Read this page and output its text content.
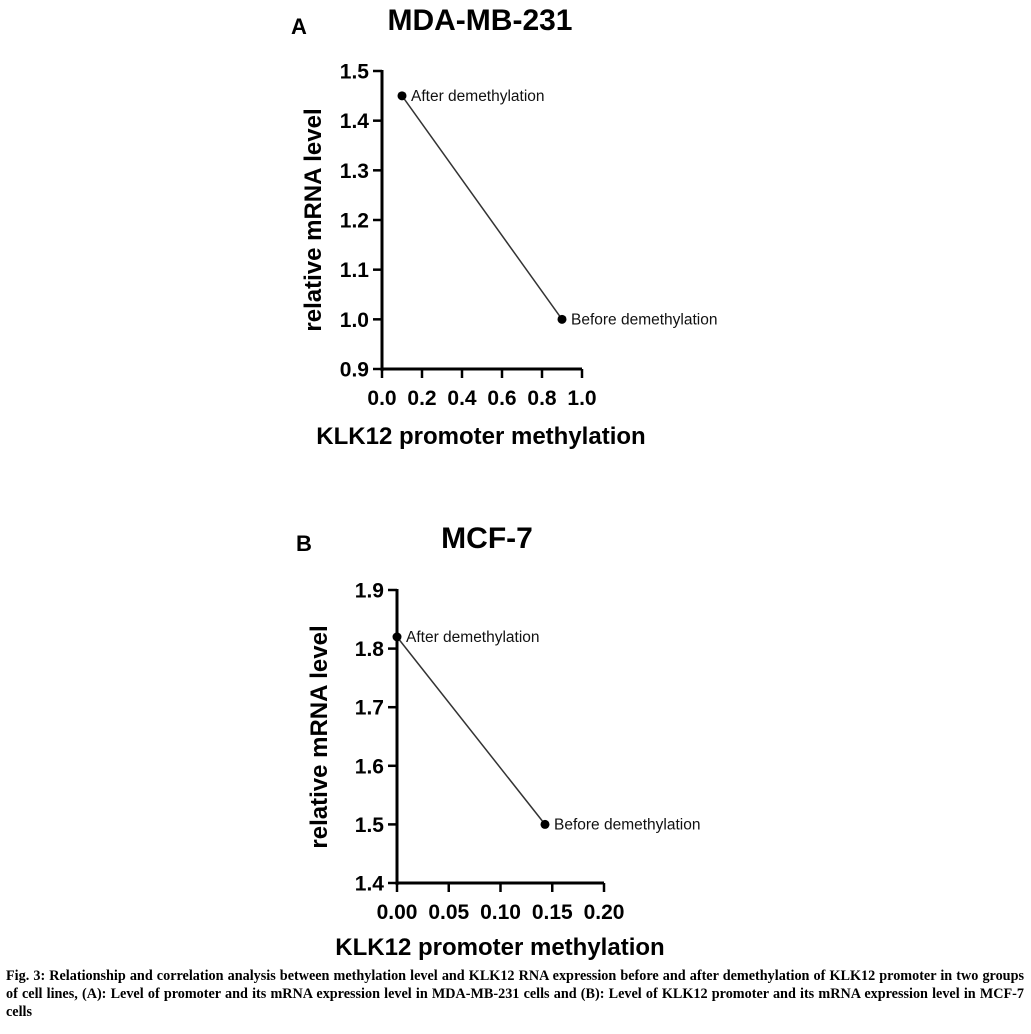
A	MDA-MB-231
relative mRNA level
KLK12 promoter methylation
0.9
1.0
1.1
1.2
1.3
1.4
1.5
0.0 0.2 0.4 0.6 0.8 1.0
After demethylation
Before demethylation
B	MCF-7
relative mRNA level
KLK12 promoter methylation
1.4
1.5
1.6
1.7
1.8
1.9
0.00 0.05 0.10 0.15 0.20
After demethylation
Before demethylation

Fig. 3: Relationship and correlation analysis between methylation level and KLK12 RNA expression before and after demethylation of KLK12 promoter in two groups of cell lines, (A): Level of promoter and its mRNA expression level in MDA-MB-231 cells and (B): Level of KLK12 promoter and its mRNA expression level in MCF-7 cells
